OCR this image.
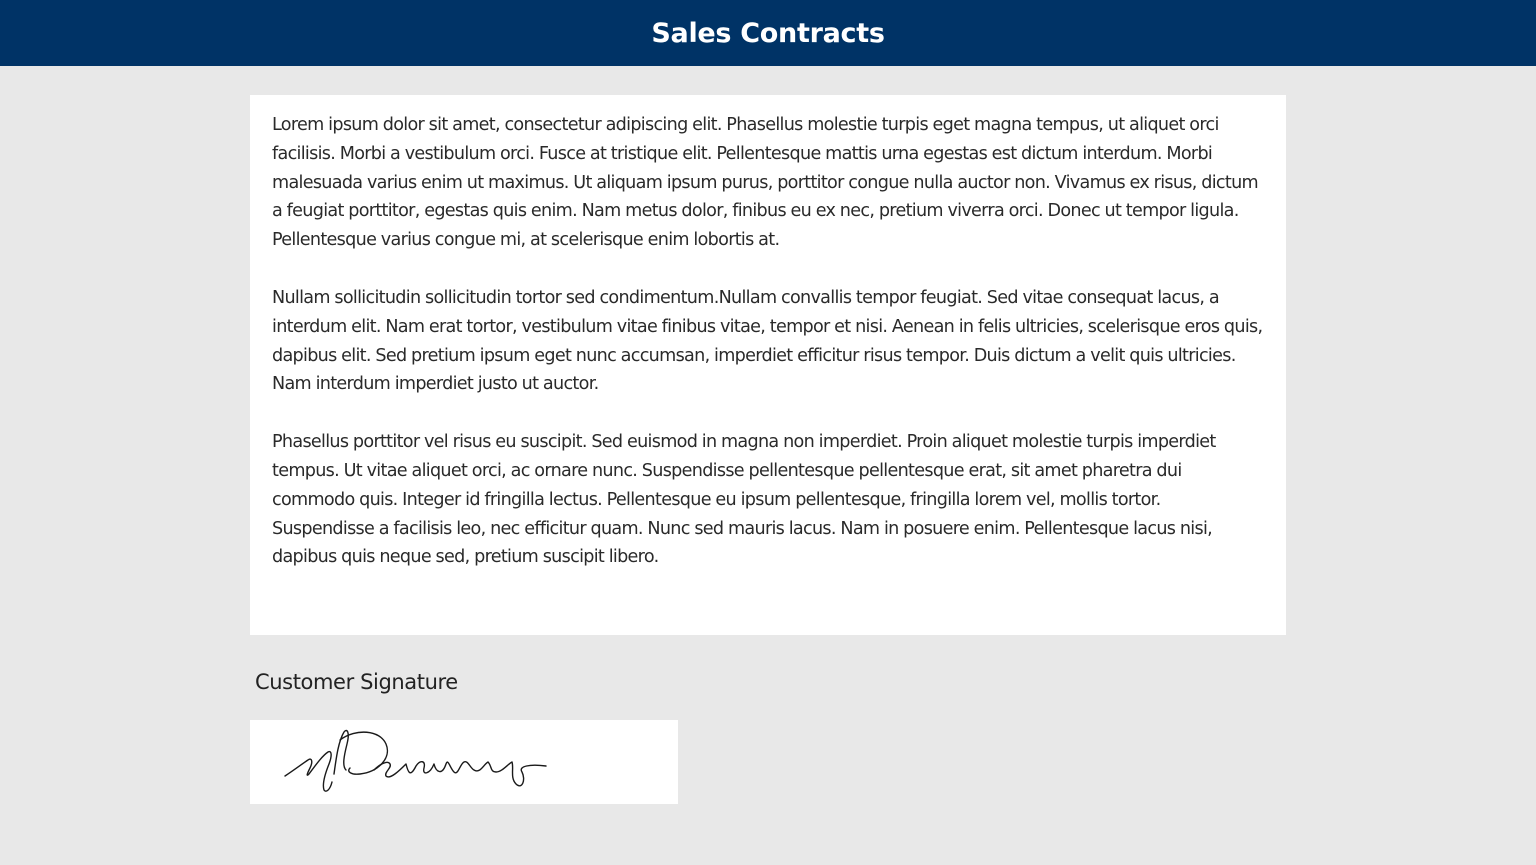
Sales Contracts

Lorem ipsum dolor sit amet, consectetur adipiscing elit. Phasellus molestie turpis eget magna tempus, ut aliquet orci facilisis. Morbi a vestibulum orci. Fusce at tristique elit. Pellentesque mattis urna egestas est dictum interdum. Morbi malesuada varius enim ut maximus. Ut aliquam ipsum purus, porttitor congue nulla auctor non. Vivamus ex risus, dictum a feugiat porttitor, egestas quis enim. Nam metus dolor, finibus eu ex nec, pretium viverra orci. Donec ut tempor ligula. Pellentesque varius congue mi, at scelerisque enim lobortis at.

Nullam sollicitudin sollicitudin tortor sed condimentum.Nullam convallis tempor feugiat. Sed vitae consequat lacus, a interdum elit. Nam erat tortor, vestibulum vitae finibus vitae, tempor et nisi. Aenean in felis ultricies, scelerisque eros quis, dapibus elit. Sed pretium ipsum eget nunc accumsan, imperdiet efficitur risus tempor. Duis dictum a velit quis ultricies. Nam interdum imperdiet justo ut auctor.

Phasellus porttitor vel risus eu suscipit. Sed euismod in magna non imperdiet. Proin aliquet molestie turpis imperdiet tempus. Ut vitae aliquet orci, ac ornare nunc. Suspendisse pellentesque pellentesque erat, sit amet pharetra dui commodo quis. Integer id fringilla lectus. Pellentesque eu ipsum pellentesque, fringilla lorem vel, mollis tortor. Suspendisse a facilisis leo, nec efficitur quam. Nunc sed mauris lacus. Nam in posuere enim. Pellentesque lacus nisi, dapibus quis neque sed, pretium suscipit libero.

Customer Signature
